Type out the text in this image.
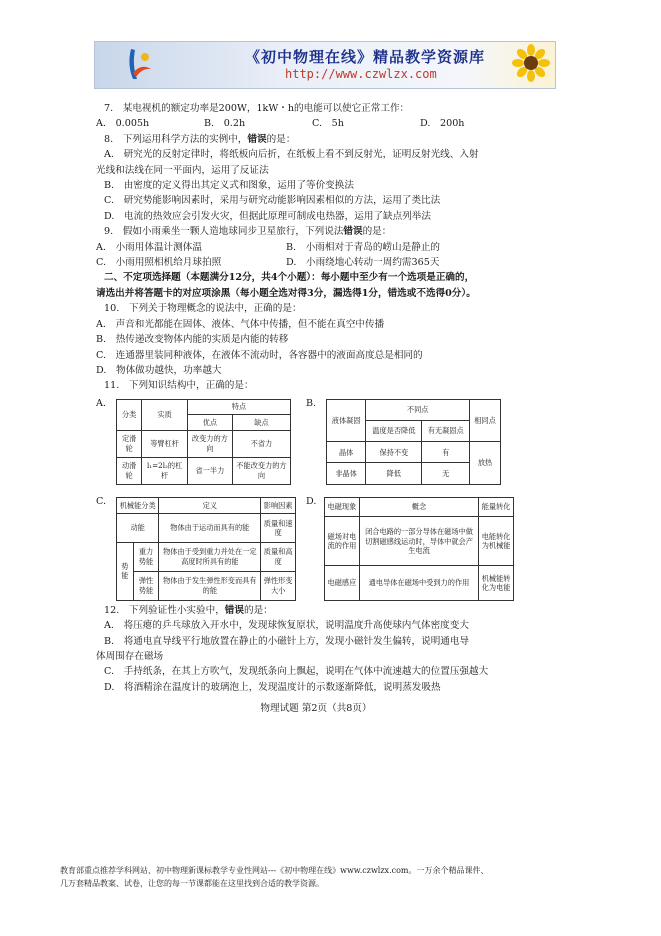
《初中物理在线》精品教学资源库
http://www.czwlzx.com
7.　某电视机的额定功率是200W，1kW・h的电能可以使它正常工作：
A.　0.005h	B.　0.2h	C.　5h	D.　200h
8.　下列运用科学方法的实例中，错误的是：
A.　研究光的反射定律时，将纸板向后折，在纸板上看不到反射光，证明反射光线、入射
光线和法线在同一平面内，运用了反证法
B.　由密度的定义得出其定义式和图象，运用了等价变换法
C.　研究势能影响因素时，采用与研究动能影响因素相似的方法，运用了类比法
D.　电流的热效应会引发火灾，但据此原理可制成电热器，运用了缺点列举法
9.　假如小雨乘坐一颗人造地球同步卫星旅行，下列说法错误的是：
A.　小雨用体温计测体温	B.　小雨相对于青岛的崂山是静止的
C.　小雨用照相机给月球拍照	D.　小雨绕地心转动一周约需365天
二、不定项选择题（本题满分12分，共4个小题）：每小题中至少有一个选项是正确的，
请选出并将答题卡的对应项涂黑（每小题全选对得3分，漏选得1分，错选或不选得0分）。
10.　下列关于物理概念的说法中，正确的是：
A.　声音和光都能在固体、液体、气体中传播，但不能在真空中传播
B.　热传递改变物体内能的实质是内能的转移
C.　连通器里装同种液体，在液体不流动时，各容器中的液面高度总是相同的
D.　物体做功越快，功率越大
11.　下列知识结构中，正确的是：
A.	B.
C.	D.
分类	实质	特点	
		优点	缺点
定滑轮	等臂杠杆	改变力的方向	不省力
动滑轮	l₁=2l₂的杠杆	省一半力	不能改变力的方向
液体凝固	不同点		相同点
	温度是否降低	有无凝固点	
晶体	保持不变	有	放热
非晶体	降低	无	
机械能分类		定义	影响因素
动能		物体由于运动而具有的能	质量和速度
势能	重力势能	物体由于受到重力并处在一定高度时所具有的能	质量和高度
	弹性势能	物体由于发生弹性形变而具有的能	弹性形变大小
电磁现象	概念	能量转化
磁场对电流的作用	闭合电路的一部分导体在磁场中做切割磁感线运动时，导体中就会产生电流	电能转化为机械能
电磁感应	通电导体在磁场中受到力的作用	机械能转化为电能
12.　下列验证性小实验中，错误的是：
A.　将压瘪的乒乓球放入开水中，发现球恢复原状，说明温度升高使球内气体密度变大
B.　将通电直导线平行地放置在静止的小磁针上方，发现小磁针发生偏转，说明通电导
体周围存在磁场
C.　手持纸条，在其上方吹气，发现纸条向上飘起，说明在气体中流速越大的位置压强越大
D.　将酒精涂在温度计的玻璃泡上，发现温度计的示数逐渐降低，说明蒸发吸热
物理试题 第2页（共8页）
教育部重点推荐学科网站、初中物理新课标教学专业性网站---《初中物理在线》www.czwlzx.com。一万余个精品课件、
几万套精品教案、试卷，让您的每一节课都能在这里找到合适的教学资源。
